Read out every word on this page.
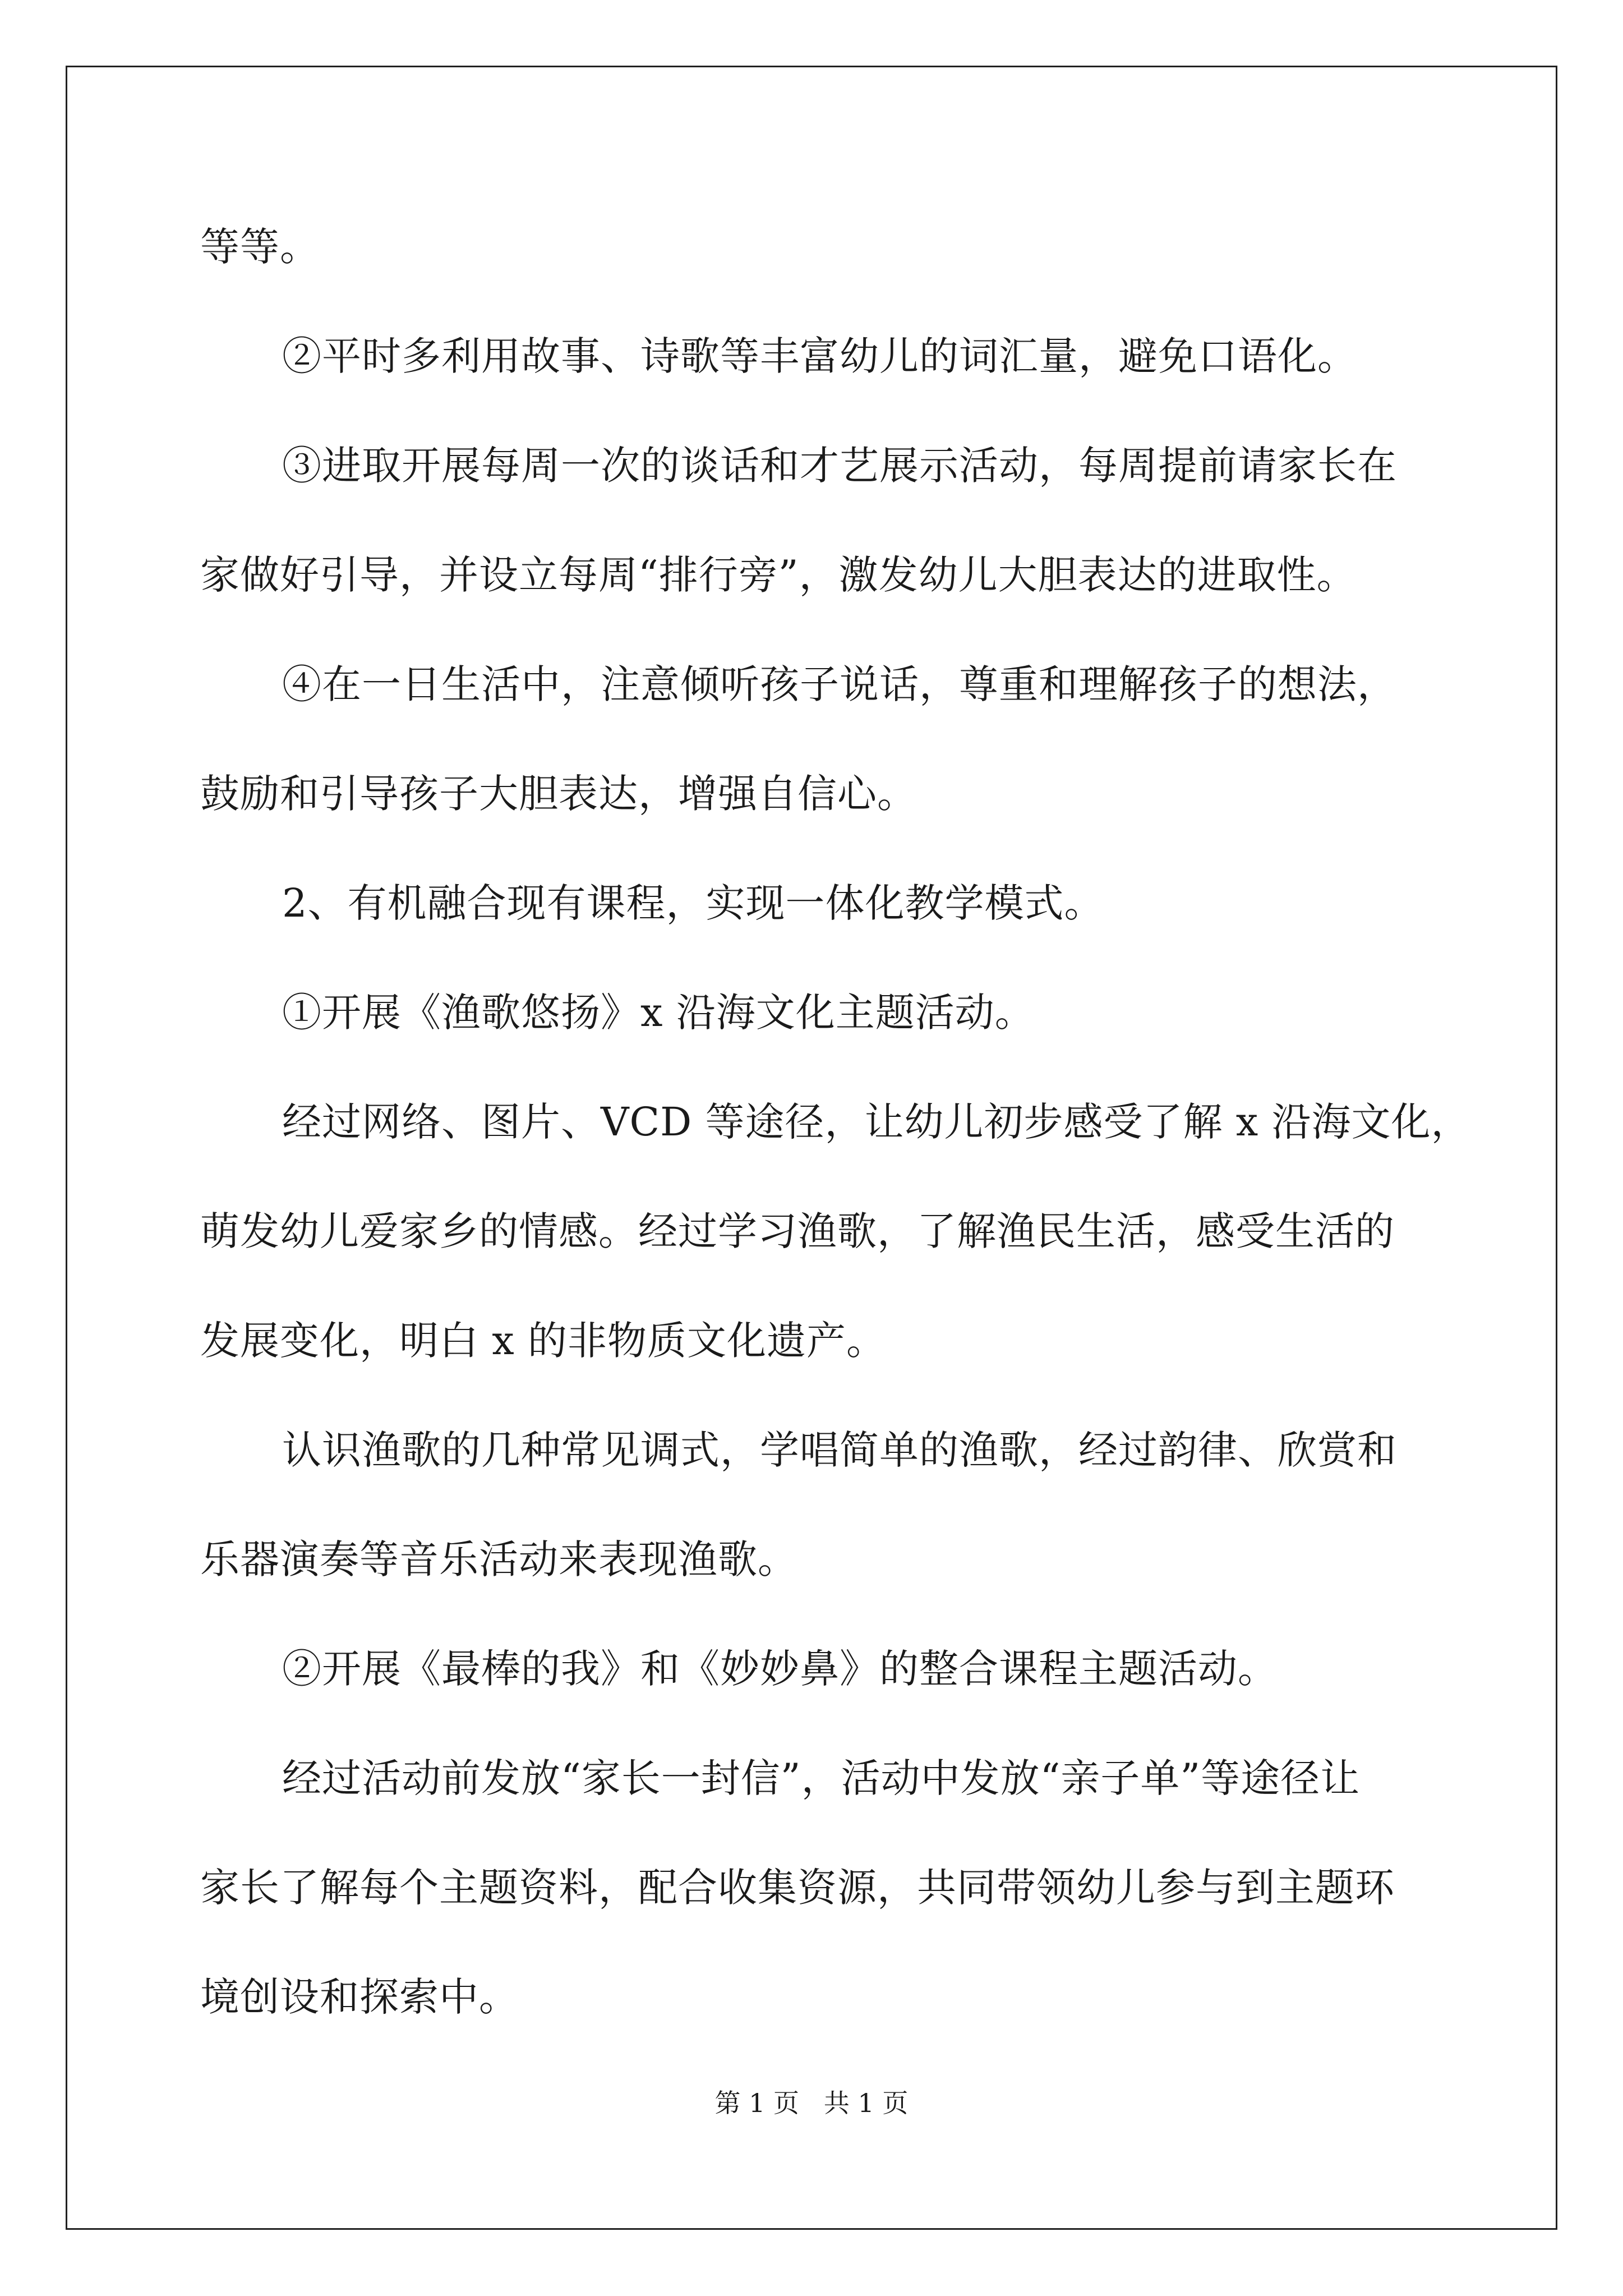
等等。
②平时多利用故事、诗歌等丰富幼儿的词汇量，避免口语化。
③进取开展每周一次的谈话和才艺展示活动，每周提前请家长在
家做好引导，并设立每周“排行旁”，激发幼儿大胆表达的进取性。
④在一日生活中，注意倾听孩子说话，尊重和理解孩子的想法，
鼓励和引导孩子大胆表达，增强自信心。
2、有机融合现有课程，实现一体化教学模式。
①开展《渔歌悠扬》x 沿海文化主题活动。
经过网络、图片、VCD 等途径，让幼儿初步感受了解 x 沿海文化，
萌发幼儿爱家乡的情感。经过学习渔歌，了解渔民生活，感受生活的
发展变化，明白 x 的非物质文化遗产。
认识渔歌的几种常见调式，学唱简单的渔歌，经过韵律、欣赏和
乐器演奏等音乐活动来表现渔歌。
②开展《最棒的我》和《妙妙鼻》的整合课程主题活动。
经过活动前发放“家长一封信”，活动中发放“亲子单”等途径让
家长了解每个主题资料，配合收集资源，共同带领幼儿参与到主题环
境创设和探索中。
第 1 页   共 1 页
